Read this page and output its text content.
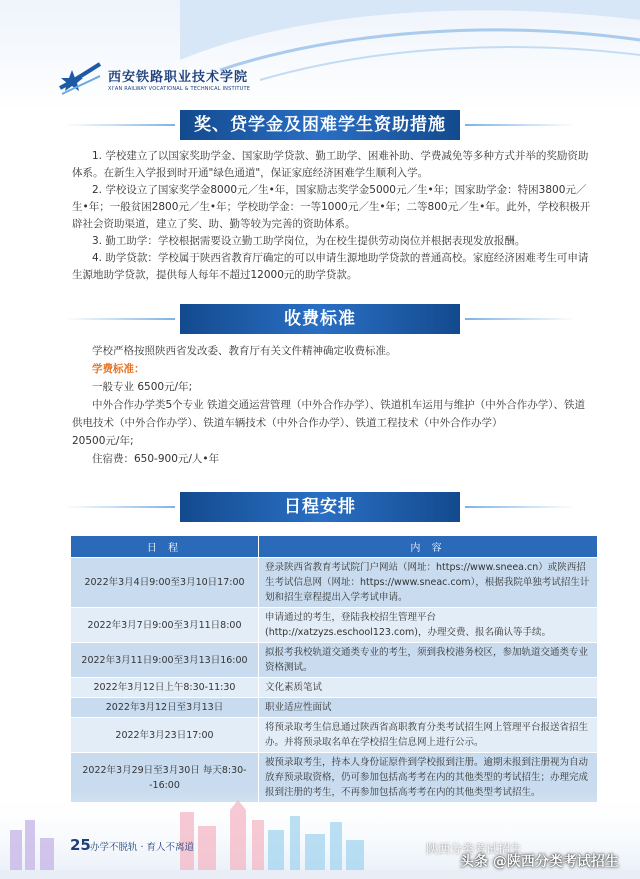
西安铁路职业技术学院
XI'AN RAILWAY VOCATIONAL & TECHNICAL INSTITUTE
奖、贷学金及困难学生资助措施

1. 学校建立了以国家奖助学金、国家助学贷款、勤工助学、困难补助、学费减免等多种方式并举的奖励资助体系。在新生入学报到时开通"绿色通道"，保证家庭经济困难学生顺利入学。

2. 学校设立了国家奖学金8000元／生•年，国家励志奖学金5000元／生•年；国家助学金：特困3800元／生•年；一般贫困2800元／生•年；学校助学金：一等1000元／生•年；二等800元／生•年。此外，学校积极开辟社会资助渠道，建立了奖、助、勤等较为完善的资助体系。

3. 勤工助学：学校根据需要设立勤工助学岗位，为在校生提供劳动岗位并根据表现发放报酬。

4. 助学贷款：学校属于陕西省教育厅确定的可以申请生源地助学贷款的普通高校。家庭经济困难考生可申请生源地助学贷款，提供每人每年不超过12000元的助学贷款。

收费标准

学校严格按照陕西省发改委、教育厅有关文件精神确定收费标准。

学费标准：

一般专业 6500元/年;

中外合作办学类5个专业 铁道交通运营管理（中外合作办学）、铁道机车运用与维护（中外合作办学）、铁道供电技术（中外合作办学）、铁道车辆技术（中外合作办学）、铁道工程技术（中外合作办学）

20500元/年;

住宿费：650-900元/人•年

日程安排
日 程	内 容
2022年3月4日9:00至3月10日17:00	登录陕西省教育考试院门户网站（网址：https://www.sneea.cn）或陕西招生考试信息网（网址：https://www.sneac.com），根据我院单独考试招生计划和招生章程提出入学考试申请。
2022年3月7日9:00至3月11日8:00	申请通过的考生，登陆我校招生管理平台(http://xatzyzs.eschool123.com)，办理交费、报名确认等手续。
2022年3月11日9:00至3月13日16:00	拟报考我校轨道交通类专业的考生，须到我校港务校区，参加轨道交通类专业资格测试。
2022年3月12日上午8:30-11:30	文化素质笔试
2022年3月12日至3月13日	职业适应性面试
2022年3月23日17:00	将预录取考生信息通过陕西省高职教育分类考试招生网上管理平台报送省招生办。并将预录取名单在学校招生信息网上进行公示。
2022年3月29日至3月30日 每天8:30--16:00	被预录取考生，持本人身份证原件到学校报到注册。逾期未报到注册视为自动放弃预录取资格，仍可参加包括高考考在内的其他类型的考试招生；办理完成
25 办学不脱轨 · 育人不离道	陕西分类考试招生
头条 @陕西分类考试招生
